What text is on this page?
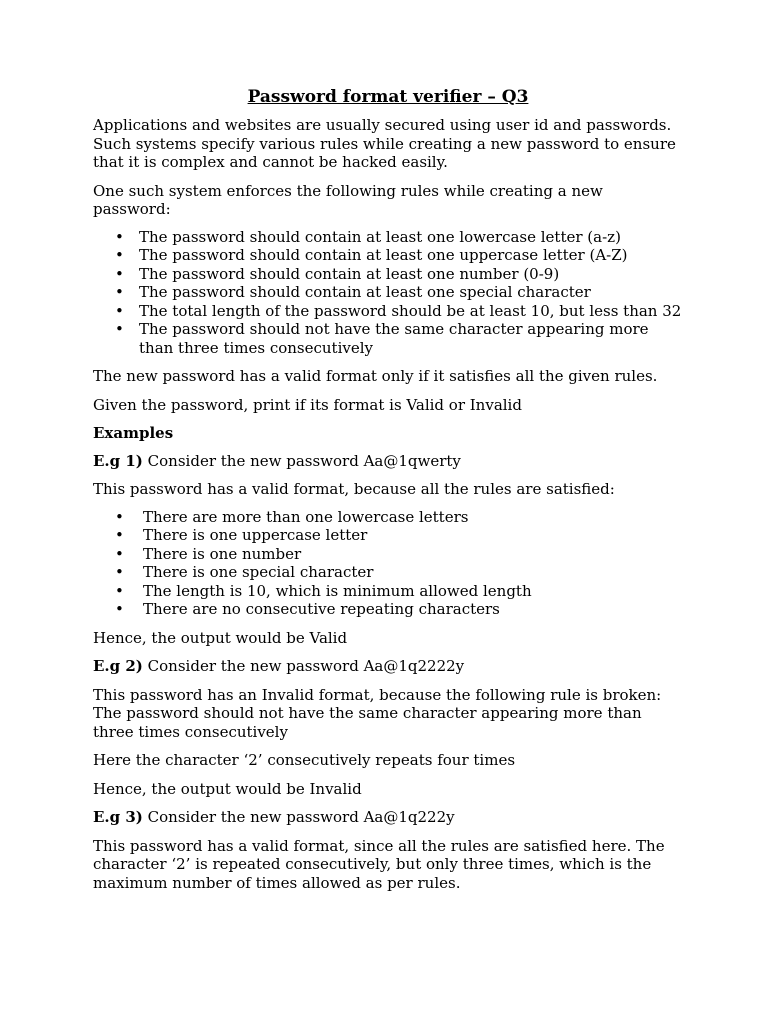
Password format verifier – Q3

Applications and websites are usually secured using user id and passwords. Such systems specify various rules while creating a new password to ensure that it is complex and cannot be hacked easily.

One such system enforces the following rules while creating a new password:

• The password should contain at least one lowercase letter (a-z)
• The password should contain at least one uppercase letter (A-Z)
• The password should contain at least one number (0-9)
• The password should contain at least one special character
• The total length of the password should be at least 10, but less than 32
• The password should not have the same character appearing more than three times consecutively

The new password has a valid format only if it satisfies all the given rules.

Given the password, print if its format is Valid or Invalid

Examples

E.g 1) Consider the new password Aa@1qwerty

This password has a valid format, because all the rules are satisfied:

• There are more than one lowercase letters
• There is one uppercase letter
• There is one number
• There is one special character
• The length is 10, which is minimum allowed length
• There are no consecutive repeating characters

Hence, the output would be Valid

E.g 2) Consider the new password Aa@1q2222y

This password has an Invalid format, because the following rule is broken: The password should not have the same character appearing more than three times consecutively

Here the character ‘2’ consecutively repeats four times

Hence, the output would be Invalid

E.g 3) Consider the new password Aa@1q222y

This password has a valid format, since all the rules are satisfied here. The character ‘2’ is repeated consecutively, but only three times, which is the maximum number of times allowed as per rules.
